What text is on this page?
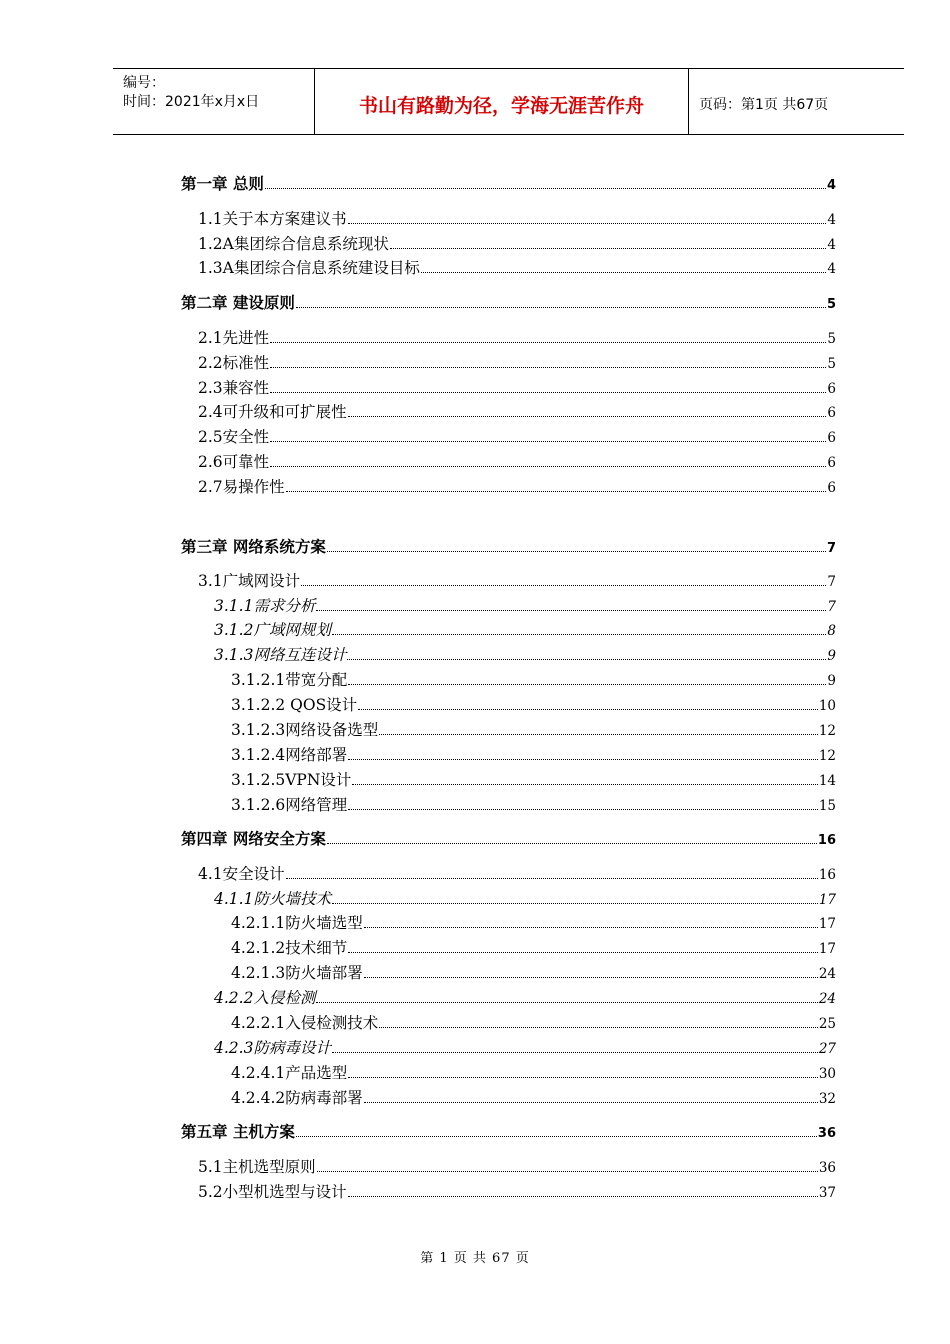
编号：
时间：2021年x月x日	书山有路勤为径，学海无涯苦作舟	页码：第1页 共67页
第一章 总则	4
1.1关于本方案建议书	4
1.2A集团综合信息系统现状	4
1.3A集团综合信息系统建设目标	4
第二章 建设原则	5
2.1先进性	5
2.2标准性	5
2.3兼容性	6
2.4可升级和可扩展性	6
2.5安全性	6
2.6可靠性	6
2.7易操作性	6
第三章 网络系统方案	7
3.1广域网设计	7
3.1.1需求分析	7
3.1.2广域网规划	8
3.1.3网络互连设计	9
3.1.2.1带宽分配	9
3.1.2.2 QOS设计	10
3.1.2.3网络设备选型	12
3.1.2.4网络部署	12
3.1.2.5VPN设计	14
3.1.2.6网络管理	15
第四章 网络安全方案	16
4.1安全设计	16
4.1.1防火墙技术	17
4.2.1.1防火墙选型	17
4.2.1.2技术细节	17
4.2.1.3防火墙部署	24
4.2.2入侵检测	24
4.2.2.1入侵检测技术	25
4.2.3防病毒设计	27
4.2.4.1产品选型	30
4.2.4.2防病毒部署	32
第五章 主机方案	36
5.1主机选型原则	36
5.2小型机选型与设计	37
第 1 页 共 67 页
